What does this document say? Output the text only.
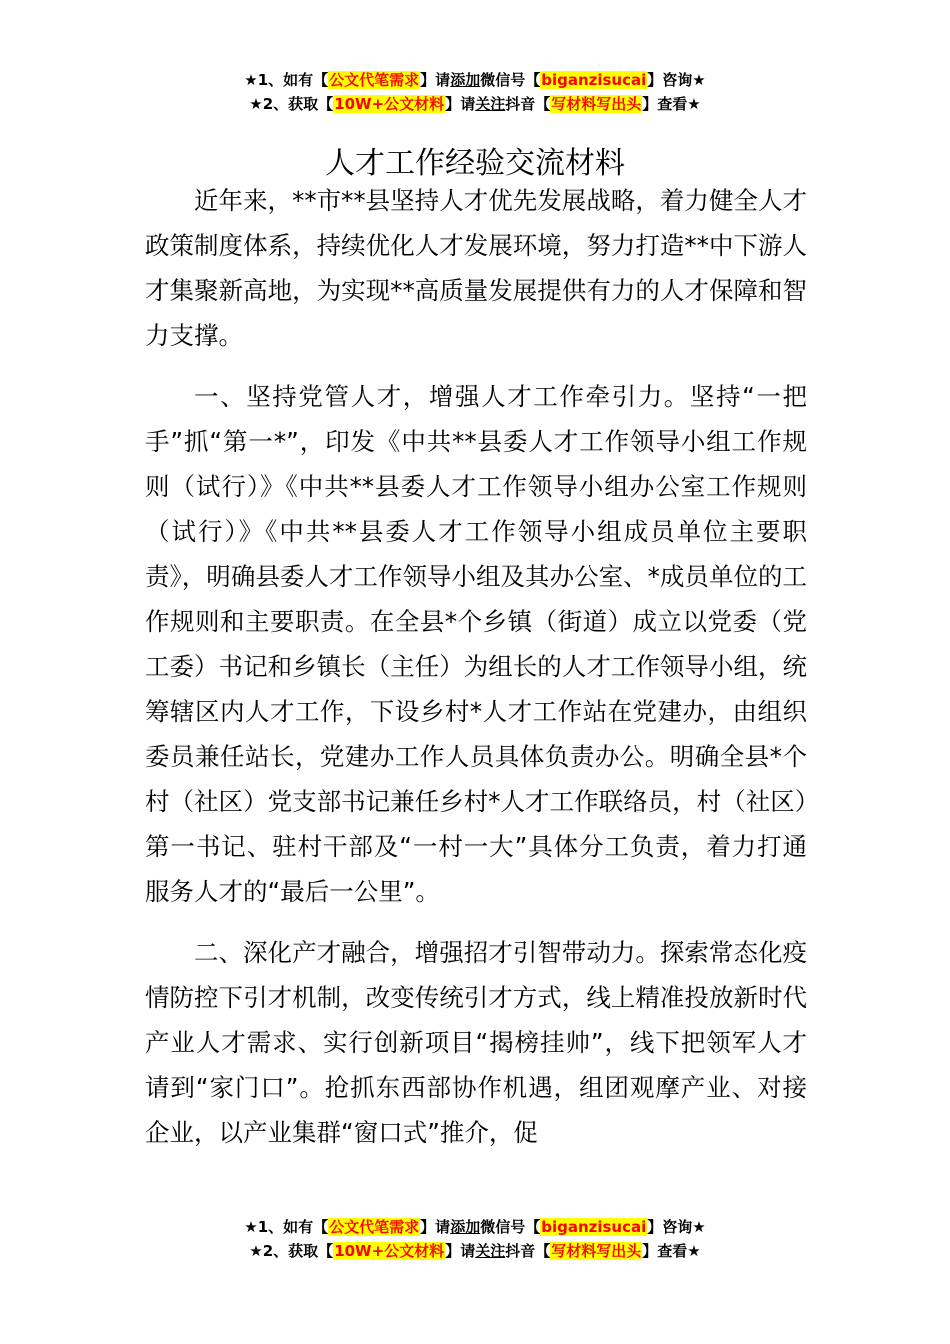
★1、如有【公文代笔需求】请添加微信号【biganzisucai】咨询★
★2、获取【10W+公文材料】请关注抖音【写材料写出头】查看★
人才工作经验交流材料

近年来，**市**县坚持人才优先发展战略，着力健全人才政策制度体系，持续优化人才发展环境，努力打造**中下游人才集聚新高地，为实现**高质量发展提供有力的人才保障和智力支撑。

一、坚持党管人才，增强人才工作牵引力。坚持“一把手”抓“第一*”，印发《中共**县委人才工作领导小组工作规则（试行）》《中共**县委人才工作领导小组办公室工作规则（试行）》《中共**县委人才工作领导小组成员单位主要职责》，明确县委人才工作领导小组及其办公室、*成员单位的工作规则和主要职责。在全县*个乡镇（街道）成立以党委（党工委）书记和乡镇长（主任）为组长的人才工作领导小组，统筹辖区内人才工作，下设乡村*人才工作站在党建办，由组织委员兼任站长，党建办工作人员具体负责办公。明确全县*个村（社区）党支部书记兼任乡村*人才工作联络员，村（社区）第一书记、驻村干部及“一村一大”具体分工负责，着力打通服务人才的“最后一公里”。

二、深化产才融合，增强招才引智带动力。探索常态化疫情防控下引才机制，改变传统引才方式，线上精准投放新时代产业人才需求、实行创新项目“揭榜挂帅”，线下把领军人才请到“家门口”。抢抓东西部协作机遇，组团观摩产业、对接企业，以产业集群“窗口式”推介，促

★1、如有【公文代笔需求】请添加微信号【biganzisucai】咨询★
★2、获取【10W+公文材料】请关注抖音【写材料写出头】查看★
